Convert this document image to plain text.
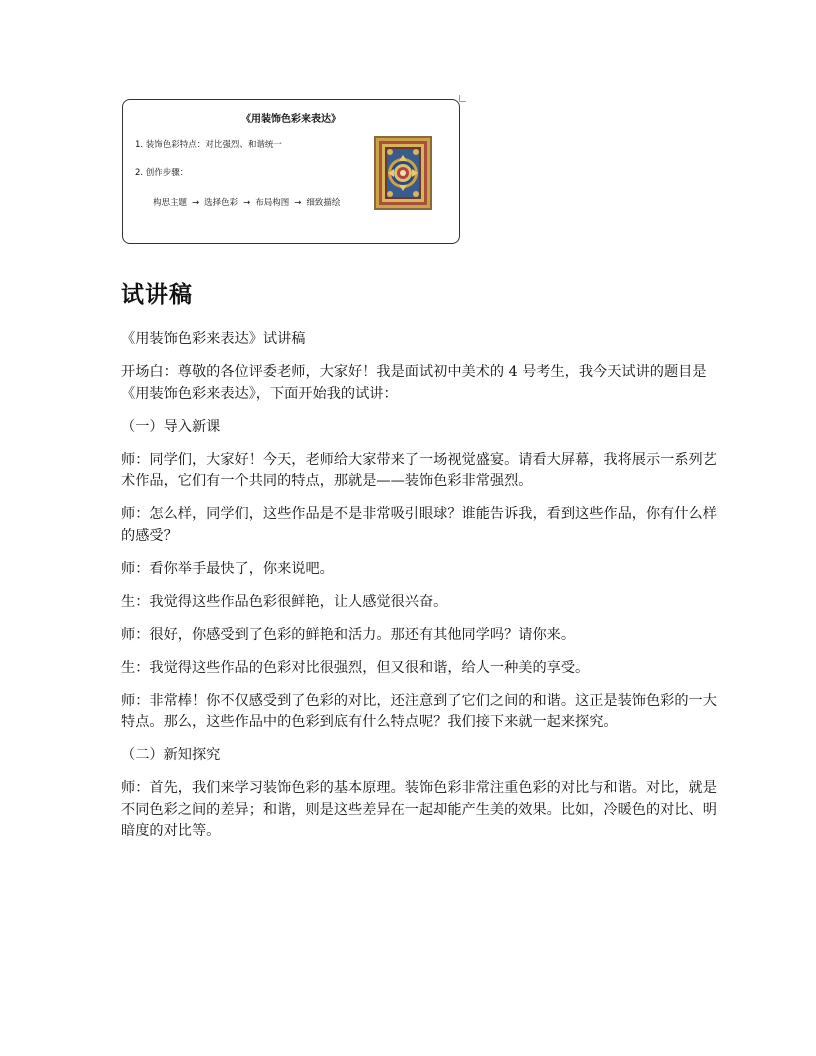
《用装饰色彩来表达》
1. 装饰色彩特点：对比强烈、和谐统一
2. 创作步骤：
构思主题 → 选择色彩 → 布局构图 → 细致描绘
试讲稿

《用装饰色彩来表达》试讲稿

开场白：尊敬的各位评委老师，大家好！我是面试初中美术的 4 号考生，我今天试讲的题目是《用装饰色彩来表达》，下面开始我的试讲：

（一）导入新课

师：同学们，大家好！今天，老师给大家带来了一场视觉盛宴。请看大屏幕，我将展示一系列艺术作品，它们有一个共同的特点，那就是——装饰色彩非常强烈。

师：怎么样，同学们，这些作品是不是非常吸引眼球？谁能告诉我，看到这些作品，你有什么样的感受？

师：看你举手最快了，你来说吧。

生：我觉得这些作品色彩很鲜艳，让人感觉很兴奋。

师：很好，你感受到了色彩的鲜艳和活力。那还有其他同学吗？请你来。

生：我觉得这些作品的色彩对比很强烈，但又很和谐，给人一种美的享受。

师：非常棒！你不仅感受到了色彩的对比，还注意到了它们之间的和谐。这正是装饰色彩的一大特点。那么，这些作品中的色彩到底有什么特点呢？我们接下来就一起来探究。

（二）新知探究

师：首先，我们来学习装饰色彩的基本原理。装饰色彩非常注重色彩的对比与和谐。对比，就是不同色彩之间的差异；和谐，则是这些差异在一起却能产生美的效果。比如，冷暖色的对比、明暗度的对比等。
